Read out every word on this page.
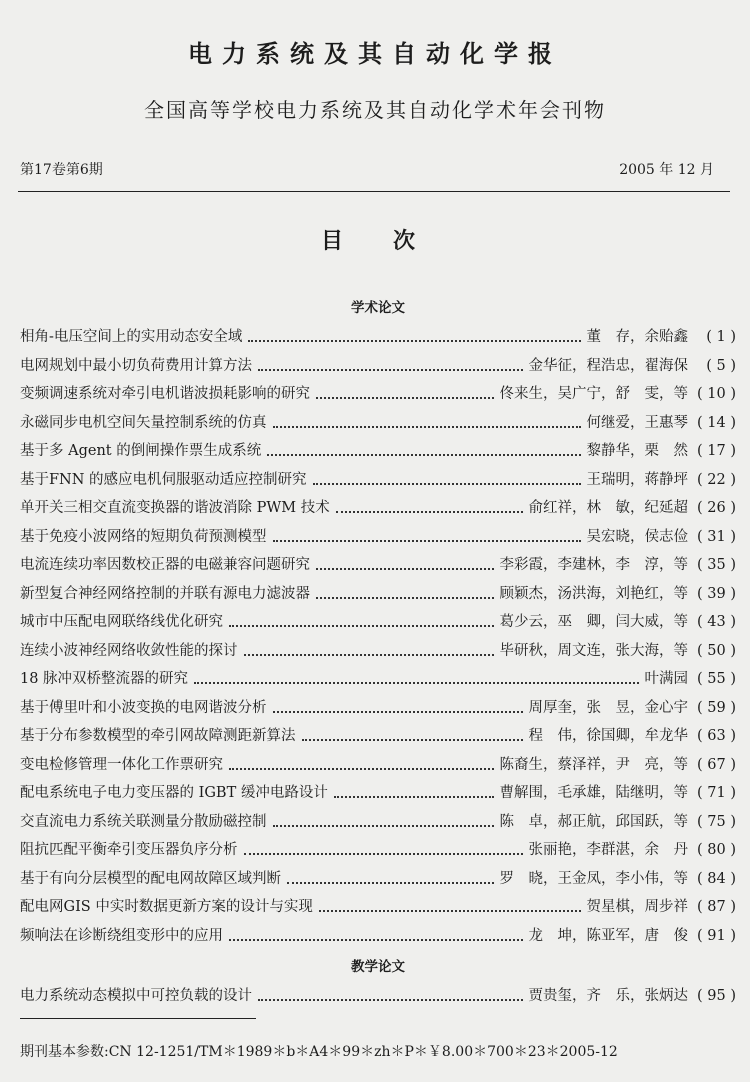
电力系统及其自动化学报
全国高等学校电力系统及其自动化学术年会刊物
第17卷第6期	2005 年 12 月
目　次
学术论文
相角-电压空间上的实用动态安全域	董　存，余贻鑫	( 1 )
电网规划中最小切负荷费用计算方法	金华征，程浩忠，翟海保	( 5 )
变频调速系统对牵引电机谐波损耗影响的研究	佟来生，吴广宁，舒　雯，等 ( 10 )
永磁同步电机空间矢量控制系统的仿真	何继爱，王惠琴 ( 14 )
基于多 Agent 的倒闸操作票生成系统	黎静华，栗　然 ( 17 )
基于FNN 的感应电机伺服驱动适应控制研究	王瑞明，蒋静坪 ( 22 )
单开关三相交直流变换器的谐波消除 PWM 技术	俞红祥，林　敏，纪延超 ( 26 )
基于免疫小波网络的短期负荷预测模型	吴宏晓，侯志俭 ( 31 )
电流连续功率因数校正器的电磁兼容问题研究	李彩霞，李建林，李　淳，等 ( 35 )
新型复合神经网络控制的并联有源电力滤波器	顾颖杰，汤洪海，刘艳红，等 ( 39 )
城市中压配电网联络线优化研究	葛少云，巫　卿，闫大威，等 ( 43 )
连续小波神经网络收敛性能的探讨	毕研秋，周文连，张大海，等 ( 50 )
18 脉冲双桥整流器的研究	叶满园 ( 55 )
基于傅里叶和小波变换的电网谐波分析	周厚奎，张　昱，金心宇 ( 59 )
基于分布参数模型的牵引网故障测距新算法	程　伟，徐国卿，牟龙华 ( 63 )
变电检修管理一体化工作票研究	陈裔生，蔡泽祥，尹　亮，等 ( 67 )
配电系统电子电力变压器的 IGBT 缓冲电路设计	曹解围，毛承雄，陆继明，等 ( 71 )
交直流电力系统关联测量分散励磁控制	陈　卓，郝正航，邱国跃，等 ( 75 )
阻抗匹配平衡牵引变压器负序分析	张丽艳，李群湛，余　丹 ( 80 )
基于有向分层模型的配电网故障区域判断	罗　晓，王金凤，李小伟，等 ( 84 )
配电网GIS 中实时数据更新方案的设计与实现	贺星棋，周步祥 ( 87 )
频响法在诊断绕组变形中的应用	龙　坤，陈亚军，唐　俊 ( 91 )
教学论文
电力系统动态模拟中可控负载的设计	贾贵玺，齐　乐，张炳达 ( 95 )
期刊基本参数:CN 12-1251/TM＊1989＊b＊A4＊99＊zh＊P＊￥8.00＊700＊23＊2005-12
